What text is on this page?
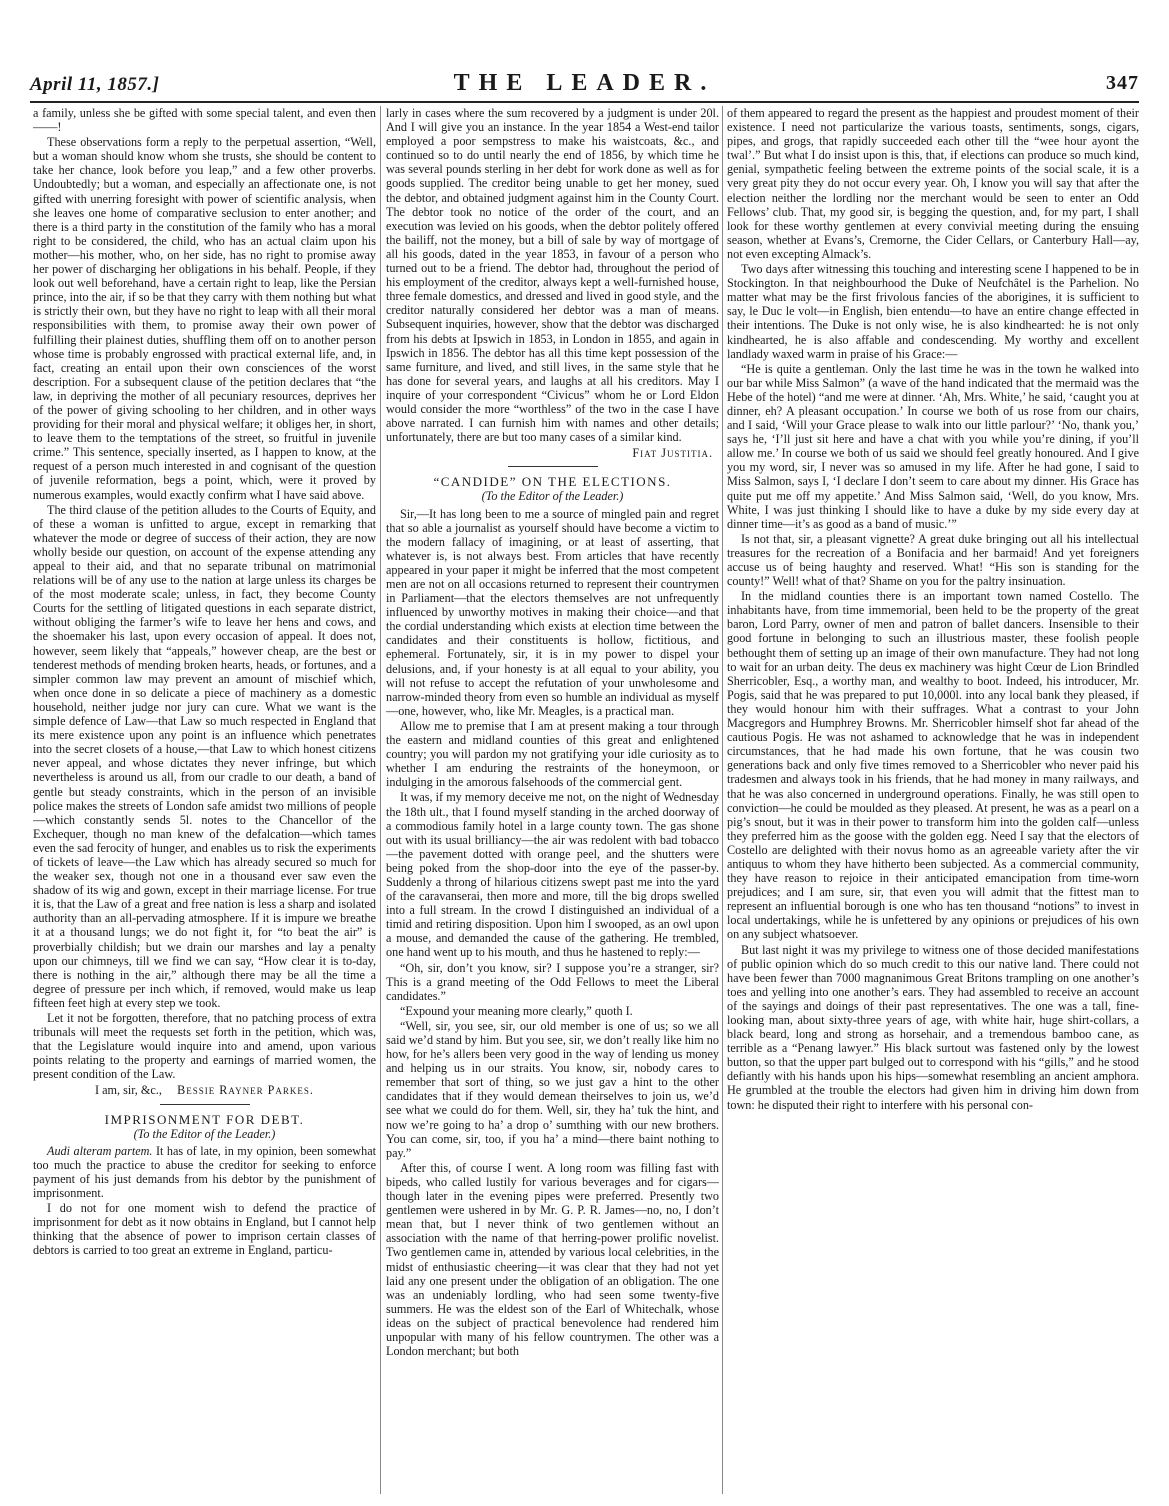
April 11, 1857.]	THE LEADER.	347

a family, unless she be gifted with some special talent, and even then——!

These observations form a reply to the perpetual assertion, “Well, but a woman should know whom she trusts, she should be content to take her chance, look before you leap,” and a few other proverbs. Undoubtedly; but a woman, and especially an affectionate one, is not gifted with unerring foresight with power of scientific analysis, when she leaves one home of comparative seclusion to enter another; and there is a third party in the constitution of the family who has a moral right to be considered, the child, who has an actual claim upon his mother—his mother, who, on her side, has no right to promise away her power of discharging her obligations in his behalf. People, if they look out well beforehand, have a certain right to leap, like the Persian prince, into the air, if so be that they carry with them nothing but what is strictly their own, but they have no right to leap with all their moral responsibilities with them, to promise away their own power of fulfilling their plainest duties, shuffling them off on to another person whose time is probably engrossed with practical external life, and, in fact, creating an entail upon their own consciences of the worst description. For a subsequent clause of the petition declares that “the law, in depriving the mother of all pecuniary resources, deprives her of the power of giving schooling to her children, and in other ways providing for their moral and physical welfare; it obliges her, in short, to leave them to the temptations of the street, so fruitful in juvenile crime.” This sentence, specially inserted, as I happen to know, at the request of a person much interested in and cognisant of the question of juvenile reformation, begs a point, which, were it proved by numerous examples, would exactly confirm what I have said above.

The third clause of the petition alludes to the Courts of Equity, and of these a woman is unfitted to argue, except in remarking that whatever the mode or degree of success of their action, they are now wholly beside our question, on account of the expense attending any appeal to their aid, and that no separate tribunal on matrimonial relations will be of any use to the nation at large unless its charges be of the most moderate scale; unless, in fact, they become County Courts for the settling of litigated questions in each separate district, without obliging the farmer’s wife to leave her hens and cows, and the shoemaker his last, upon every occasion of appeal. It does not, however, seem likely that “appeals,” however cheap, are the best or tenderest methods of mending broken hearts, heads, or fortunes, and a simpler common law may prevent an amount of mischief which, when once done in so delicate a piece of machinery as a domestic household, neither judge nor jury can cure. What we want is the simple defence of Law—that Law so much respected in England that its mere existence upon any point is an influence which penetrates into the secret closets of a house,—that Law to which honest citizens never appeal, and whose dictates they never infringe, but which nevertheless is around us all, from our cradle to our death, a band of gentle but steady constraints, which in the person of an invisible police makes the streets of London safe amidst two millions of people—which constantly sends 5l. notes to the Chancellor of the Exchequer, though no man knew of the defalcation—which tames even the sad ferocity of hunger, and enables us to risk the experiments of tickets of leave—the Law which has already secured so much for the weaker sex, though not one in a thousand ever saw even the shadow of its wig and gown, except in their marriage license. For true it is, that the Law of a great and free nation is less a sharp and isolated authority than an all-pervading atmosphere. If it is impure we breathe it at a thousand lungs; we do not fight it, for “to beat the air” is proverbially childish; but we drain our marshes and lay a penalty upon our chimneys, till we find we can say, “How clear it is to-day, there is nothing in the air,” although there may be all the time a degree of pressure per inch which, if removed, would make us leap fifteen feet high at every step we took.

Let it not be forgotten, therefore, that no patching process of extra tribunals will meet the requests set forth in the petition, which was, that the Legislature would inquire into and amend, upon various points relating to the property and earnings of married women, the present condition of the Law.

I am, sir, &c., Bessie Rayner Parkes.

IMPRISONMENT FOR DEBT.

(To the Editor of the Leader.)

Audi alteram partem. It has of late, in my opinion, been somewhat too much the practice to abuse the creditor for seeking to enforce payment of his just demands from his debtor by the punishment of imprisonment.

I do not for one moment wish to defend the practice of imprisonment for debt as it now obtains in England, but I cannot help thinking that the absence of power to imprison certain classes of debtors is carried to too great an extreme in England, particu-

larly in cases where the sum recovered by a judgment is under 20l. And I will give you an instance. In the year 1854 a West-end tailor employed a poor sempstress to make his waistcoats, &c., and continued so to do until nearly the end of 1856, by which time he was several pounds sterling in her debt for work done as well as for goods supplied. The creditor being unable to get her money, sued the debtor, and obtained judgment against him in the County Court. The debtor took no notice of the order of the court, and an execution was levied on his goods, when the debtor politely offered the bailiff, not the money, but a bill of sale by way of mortgage of all his goods, dated in the year 1853, in favour of a person who turned out to be a friend. The debtor had, throughout the period of his employment of the creditor, always kept a well-furnished house, three female domestics, and dressed and lived in good style, and the creditor naturally considered her debtor was a man of means. Subsequent inquiries, however, show that the debtor was discharged from his debts at Ipswich in 1853, in London in 1855, and again in Ipswich in 1856. The debtor has all this time kept possession of the same furniture, and lived, and still lives, in the same style that he has done for several years, and laughs at all his creditors. May I inquire of your correspondent “Civicus” whom he or Lord Eldon would consider the more “worthless” of the two in the case I have above narrated. I can furnish him with names and other details; unfortunately, there are but too many cases of a similar kind.

Fiat Justitia.

“CANDIDE” ON THE ELECTIONS.

(To the Editor of the Leader.)

Sir,—It has long been to me a source of mingled pain and regret that so able a journalist as yourself should have become a victim to the modern fallacy of imagining, or at least of asserting, that whatever is, is not always best. From articles that have recently appeared in your paper it might be inferred that the most competent men are not on all occasions returned to represent their countrymen in Parliament—that the electors themselves are not unfrequently influenced by unworthy motives in making their choice—and that the cordial understanding which exists at election time between the candidates and their constituents is hollow, fictitious, and ephemeral. Fortunately, sir, it is in my power to dispel your delusions, and, if your honesty is at all equal to your ability, you will not refuse to accept the refutation of your unwholesome and narrow-minded theory from even so humble an individual as myself—one, however, who, like Mr. Meagles, is a practical man.

Allow me to premise that I am at present making a tour through the eastern and midland counties of this great and enlightened country; you will pardon my not gratifying your idle curiosity as to whether I am enduring the restraints of the honeymoon, or indulging in the amorous falsehoods of the commercial gent.

It was, if my memory deceive me not, on the night of Wednesday the 18th ult., that I found myself standing in the arched doorway of a commodious family hotel in a large county town. The gas shone out with its usual brilliancy—the air was redolent with bad tobacco—the pavement dotted with orange peel, and the shutters were being poked from the shop-door into the eye of the passer-by. Suddenly a throng of hilarious citizens swept past me into the yard of the caravanserai, then more and more, till the big drops swelled into a full stream. In the crowd I distinguished an individual of a timid and retiring disposition. Upon him I swooped, as an owl upon a mouse, and demanded the cause of the gathering. He trembled, one hand went up to his mouth, and thus he hastened to reply:—

“Oh, sir, don’t you know, sir? I suppose you’re a stranger, sir? This is a grand meeting of the Odd Fellows to meet the Liberal candidates.”

“Expound your meaning more clearly,” quoth I.

“Well, sir, you see, sir, our old member is one of us; so we all said we’d stand by him. But you see, sir, we don’t really like him no how, for he’s allers been very good in the way of lending us money and helping us in our straits. You know, sir, nobody cares to remember that sort of thing, so we just gav a hint to the other candidates that if they would demean theirselves to join us, we’d see what we could do for them. Well, sir, they ha’ tuk the hint, and now we’re going to ha’ a drop o’ sumthing with our new brothers. You can come, sir, too, if you ha’ a mind—there baint nothing to pay.”

After this, of course I went. A long room was filling fast with bipeds, who called lustily for various beverages and for cigars—though later in the evening pipes were preferred. Presently two gentlemen were ushered in by Mr. G. P. R. James—no, no, I don’t mean that, but I never think of two gentlemen without an association with the name of that herring-power prolific novelist. Two gentlemen came in, attended by various local celebrities, in the midst of enthusiastic cheering—it was clear that they had not yet laid any one present under the obligation of an obligation. The one was an undeniably lordling, who had seen some twenty-five summers. He was the eldest son of the Earl of Whitechalk, whose ideas on the subject of practical benevolence had rendered him unpopular with many of his fellow countrymen. The other was a London merchant; but both

of them appeared to regard the present as the happiest and proudest moment of their existence. I need not particularize the various toasts, sentiments, songs, cigars, pipes, and grogs, that rapidly succeeded each other till the “wee hour ayont the twal’.” But what I do insist upon is this, that, if elections can produce so much kind, genial, sympathetic feeling between the extreme points of the social scale, it is a very great pity they do not occur every year. Oh, I know you will say that after the election neither the lordling nor the merchant would be seen to enter an Odd Fellows’ club. That, my good sir, is begging the question, and, for my part, I shall look for these worthy gentlemen at every convivial meeting during the ensuing season, whether at Evans’s, Cremorne, the Cider Cellars, or Canterbury Hall—ay, not even excepting Almack’s.

Two days after witnessing this touching and interesting scene I happened to be in Stockington. In that neighbourhood the Duke of Neufchâtel is the Parhelion. No matter what may be the first frivolous fancies of the aborigines, it is sufficient to say, le Duc le volt—in English, bien entendu—to have an entire change effected in their intentions. The Duke is not only wise, he is also kindhearted: he is not only kindhearted, he is also affable and condescending. My worthy and excellent landlady waxed warm in praise of his Grace:—

“He is quite a gentleman. Only the last time he was in the town he walked into our bar while Miss Salmon” (a wave of the hand indicated that the mermaid was the Hebe of the hotel) “and me were at dinner. ‘Ah, Mrs. White,’ he said, ‘caught you at dinner, eh? A pleasant occupation.’ In course we both of us rose from our chairs, and I said, ‘Will your Grace please to walk into our little parlour?’ ‘No, thank you,’ says he, ‘I’ll just sit here and have a chat with you while you’re dining, if you’ll allow me.’ In course we both of us said we should feel greatly honoured. And I give you my word, sir, I never was so amused in my life. After he had gone, I said to Miss Salmon, says I, ‘I declare I don’t seem to care about my dinner. His Grace has quite put me off my appetite.’ And Miss Salmon said, ‘Well, do you know, Mrs. White, I was just thinking I should like to have a duke by my side every day at dinner time—it’s as good as a band of music.’”

Is not that, sir, a pleasant vignette? A great duke bringing out all his intellectual treasures for the recreation of a Bonifacia and her barmaid! And yet foreigners accuse us of being haughty and reserved. What! “His son is standing for the county!” Well! what of that? Shame on you for the paltry insinuation.

In the midland counties there is an important town named Costello. The inhabitants have, from time immemorial, been held to be the property of the great baron, Lord Parry, owner of men and patron of ballet dancers. Insensible to their good fortune in belonging to such an illustrious master, these foolish people bethought them of setting up an image of their own manufacture. They had not long to wait for an urban deity. The deus ex machinery was hight Cœur de Lion Brindled Sherricobler, Esq., a worthy man, and wealthy to boot. Indeed, his introducer, Mr. Pogis, said that he was prepared to put 10,000l. into any local bank they pleased, if they would honour him with their suffrages. What a contrast to your John Macgregors and Humphrey Browns. Mr. Sherricobler himself shot far ahead of the cautious Pogis. He was not ashamed to acknowledge that he was in independent circumstances, that he had made his own fortune, that he was cousin two generations back and only five times removed to a Sherricobler who never paid his tradesmen and always took in his friends, that he had money in many railways, and that he was also concerned in underground operations. Finally, he was still open to conviction—he could be moulded as they pleased. At present, he was as a pearl on a pig’s snout, but it was in their power to transform him into the golden calf—unless they preferred him as the goose with the golden egg. Need I say that the electors of Costello are delighted with their novus homo as an agreeable variety after the vir antiquus to whom they have hitherto been subjected. As a commercial community, they have reason to rejoice in their anticipated emancipation from time-worn prejudices; and I am sure, sir, that even you will admit that the fittest man to represent an influential borough is one who has ten thousand “notions” to invest in local undertakings, while he is unfettered by any opinions or prejudices of his own on any subject whatsoever.

But last night it was my privilege to witness one of those decided manifestations of public opinion which do so much credit to this our native land. There could not have been fewer than 7000 magnanimous Great Britons trampling on one another’s toes and yelling into one another’s ears. They had assembled to receive an account of the sayings and doings of their past representatives. The one was a tall, fine-looking man, about sixty-three years of age, with white hair, huge shirt-collars, a black beard, long and strong as horsehair, and a tremendous bamboo cane, as terrible as a “Penang lawyer.” His black surtout was fastened only by the lowest button, so that the upper part bulged out to correspond with his “gills,” and he stood defiantly with his hands upon his hips—somewhat resembling an ancient amphora. He grumbled at the trouble the electors had given him in driving him down from town: he disputed their right to interfere with his personal con-
